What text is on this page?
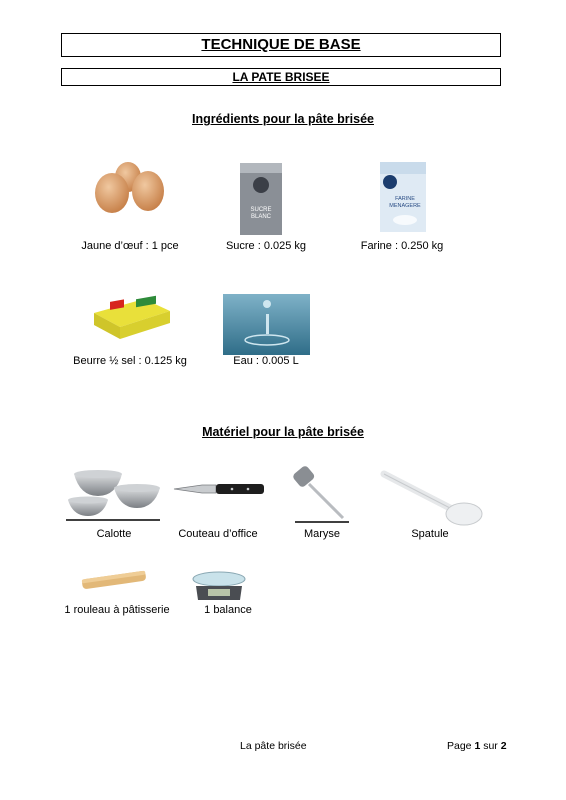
TECHNIQUE DE BASE
LA PATE BRISEE
Ingrédients pour la pâte brisée
Jaune d’œuf : 1 pce
SUCRE
BLANC
Sucre : 0.025 kg
FARINE
MENAGERE
Farine : 0.250 kg
Beurre ½ sel : 0.125 kg	Eau : 0.005 L
Matériel pour la pâte brisée
Calotte	Couteau d’office	Maryse	Spatule
1 rouleau à pâtisserie	1 balance
La pâte brisée	Page 1 sur 2
